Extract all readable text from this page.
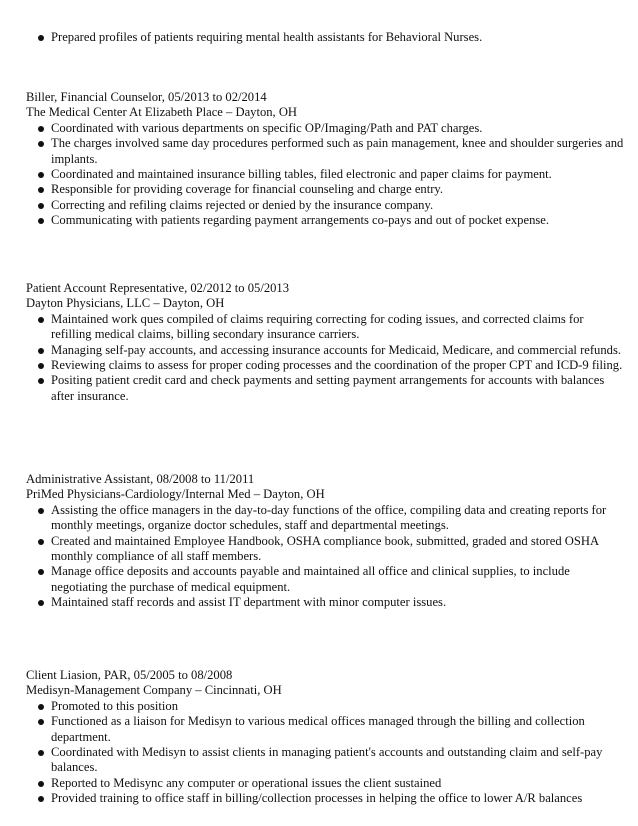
Prepared profiles of patients requiring mental health assistants for Behavioral Nurses.
Biller, Financial Counselor, 05/2013 to 02/2014
The Medical Center At Elizabeth Place – Dayton, OH
Coordinated with various departments on specific OP/Imaging/Path and PAT charges.
The charges involved same day procedures performed such as pain management, knee and shoulder surgeries and implants.
Coordinated and maintained insurance billing tables, filed electronic and paper claims for payment.
Responsible for providing coverage for financial counseling and charge entry.
Correcting and refiling claims rejected or denied by the insurance company.
Communicating with patients regarding payment arrangements co-pays and out of pocket expense.
Patient Account Representative, 02/2012 to 05/2013
Dayton Physicians, LLC – Dayton, OH
Maintained work ques compiled of claims requiring correcting for coding issues, and corrected claims for refilling medical claims, billing secondary insurance carriers.
Managing self-pay accounts, and accessing insurance accounts for Medicaid, Medicare, and commercial refunds.
Reviewing claims to assess for proper coding processes and the coordination of the proper CPT and ICD-9 filing.
Positing patient credit card and check payments and setting payment arrangements for accounts with balances after insurance.
Administrative Assistant, 08/2008 to 11/2011
PriMed Physicians-Cardiology/Internal Med – Dayton, OH
Assisting the office managers in the day-to-day functions of the office, compiling data and creating reports for monthly meetings, organize doctor schedules, staff and departmental meetings.
Created and maintained Employee Handbook, OSHA compliance book, submitted, graded and stored OSHA monthly compliance of all staff members.
Manage office deposits and accounts payable and maintained all office and clinical supplies, to include negotiating the purchase of medical equipment.
Maintained staff records and assist IT department with minor computer issues.
Client Liasion, PAR, 05/2005 to 08/2008
Medisyn-Management Company – Cincinnati, OH
Promoted to this position
Functioned as a liaison for Medisyn to various medical offices managed through the billing and collection department.
Coordinated with Medisyn to assist clients in managing patient's accounts and outstanding claim and self-pay balances.
Reported to Medisync any computer or operational issues the client sustained
Provided training to office staff in billing/collection processes in helping the office to lower A/R balances
